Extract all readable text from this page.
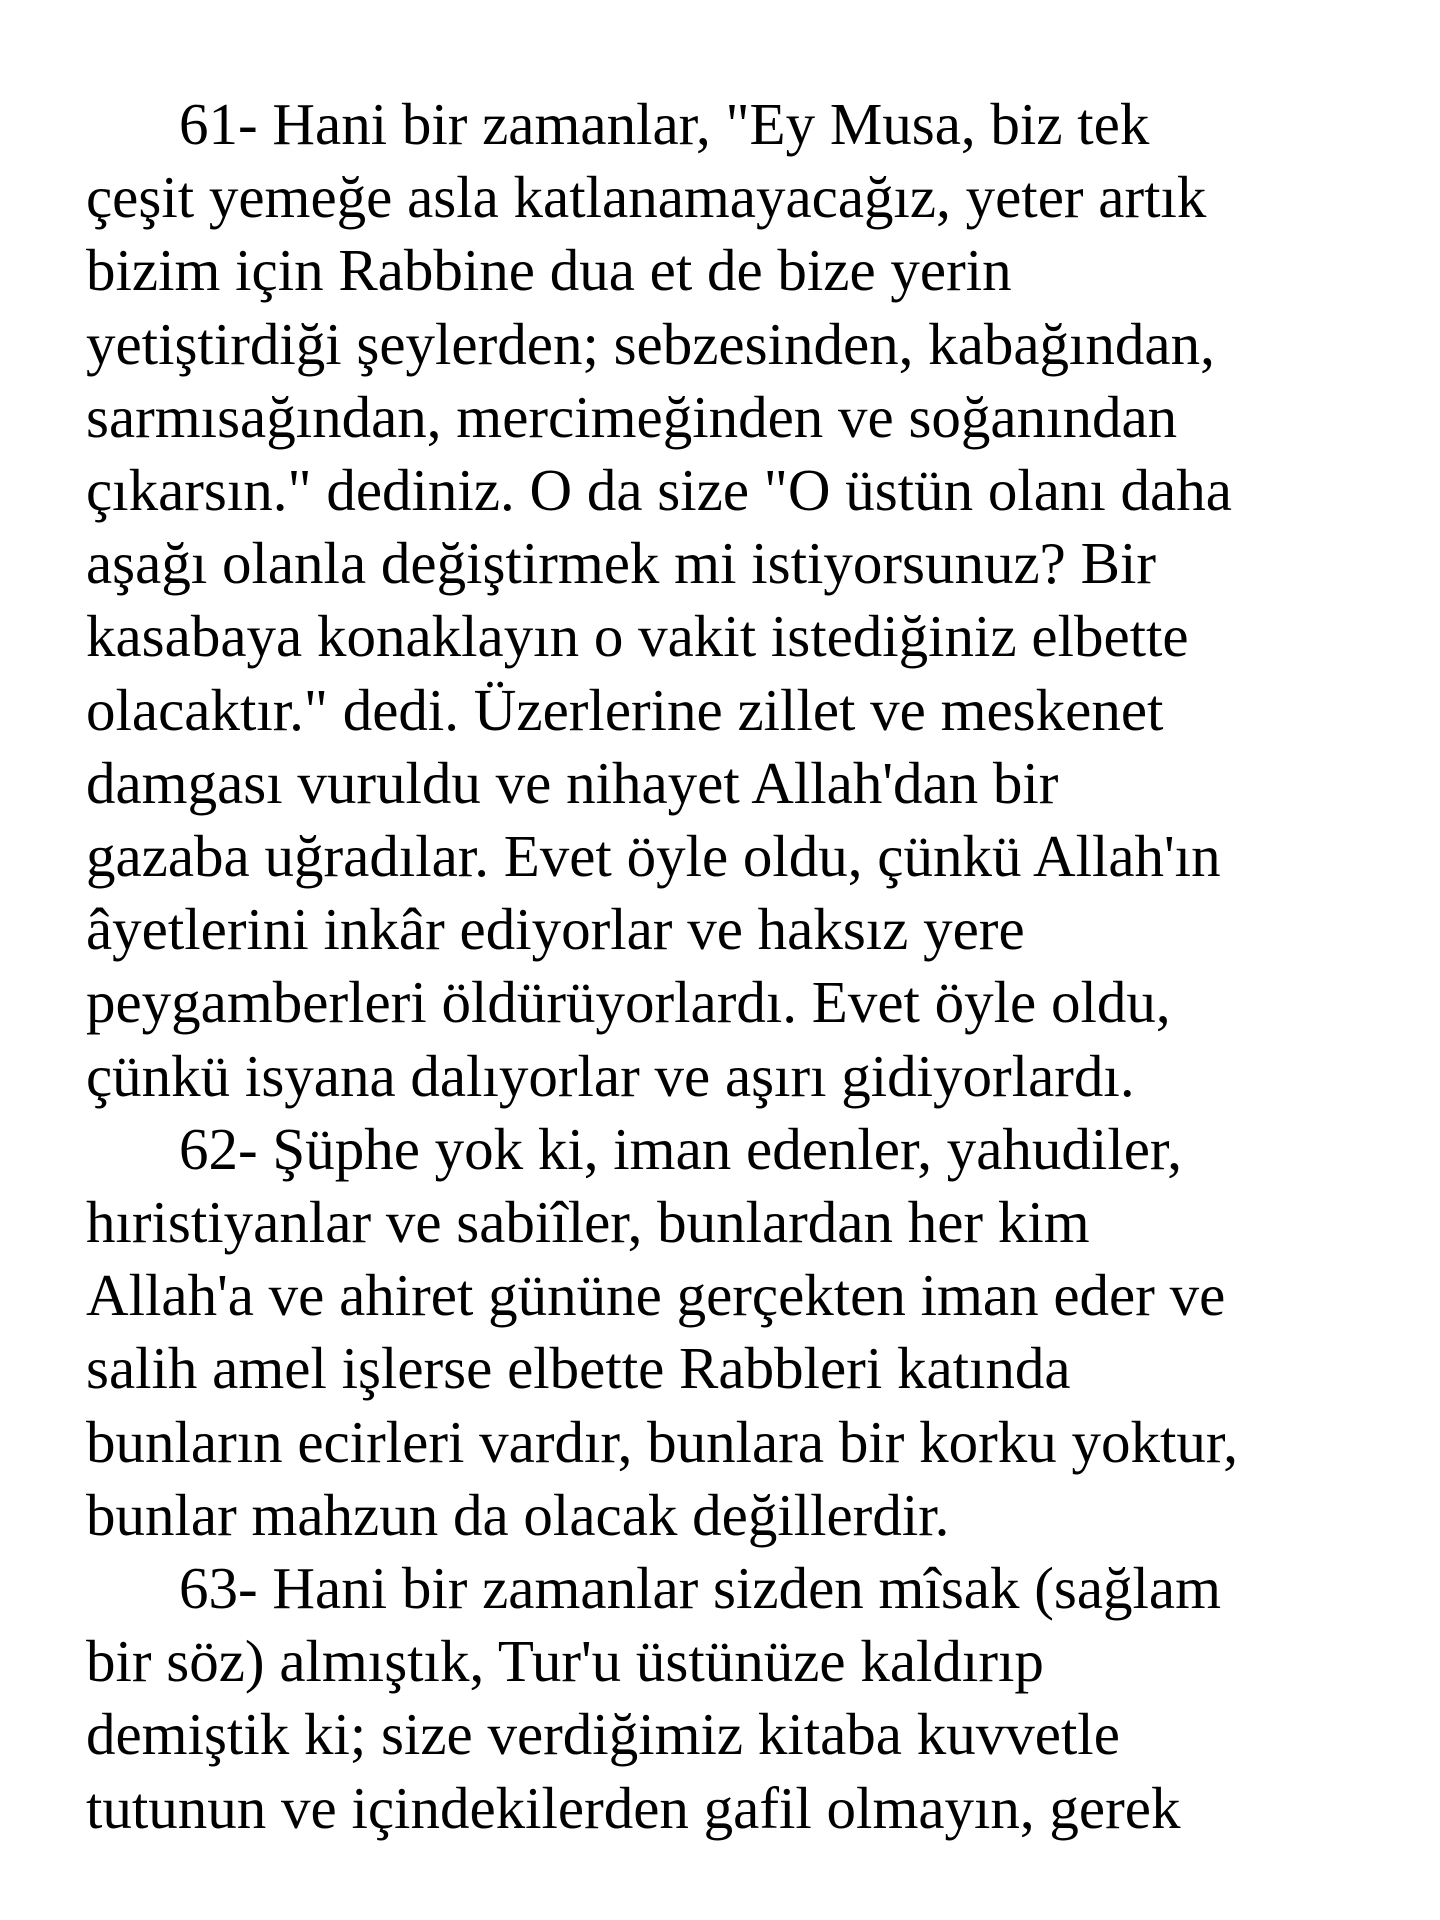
61- Hani bir zamanlar, "Ey Musa, biz tek

çeşit yemeğe asla katlanamayacağız, yeter artık

bizim için Rabbine dua et de bize yerin

yetiştirdiği şeylerden; sebzesinden, kabağından,

sarmısağından, mercimeğinden ve soğanından

çıkarsın." dediniz. O da size "O üstün olanı daha

aşağı olanla değiştirmek mi istiyorsunuz? Bir

kasabaya konaklayın o vakit istediğiniz elbette

olacaktır." dedi. Üzerlerine zillet ve meskenet

damgası vuruldu ve nihayet Allah'dan bir

gazaba uğradılar. Evet öyle oldu, çünkü Allah'ın

âyetlerini inkâr ediyorlar ve haksız yere

peygamberleri öldürüyorlardı. Evet öyle oldu,

çünkü isyana dalıyorlar ve aşırı gidiyorlardı.

62- Şüphe yok ki, iman edenler, yahudiler,

hıristiyanlar ve sabiîler, bunlardan her kim

Allah'a ve ahiret gününe gerçekten iman eder ve

salih amel işlerse elbette Rabbleri katında

bunların ecirleri vardır, bunlara bir korku yoktur,

bunlar mahzun da olacak değillerdir.

63- Hani bir zamanlar sizden mîsak (sağlam

bir söz) almıştık, Tur'u üstünüze kaldırıp

demiştik ki; size verdiğimiz kitaba kuvvetle

tutunun ve içindekilerden gafil olmayın, gerek
